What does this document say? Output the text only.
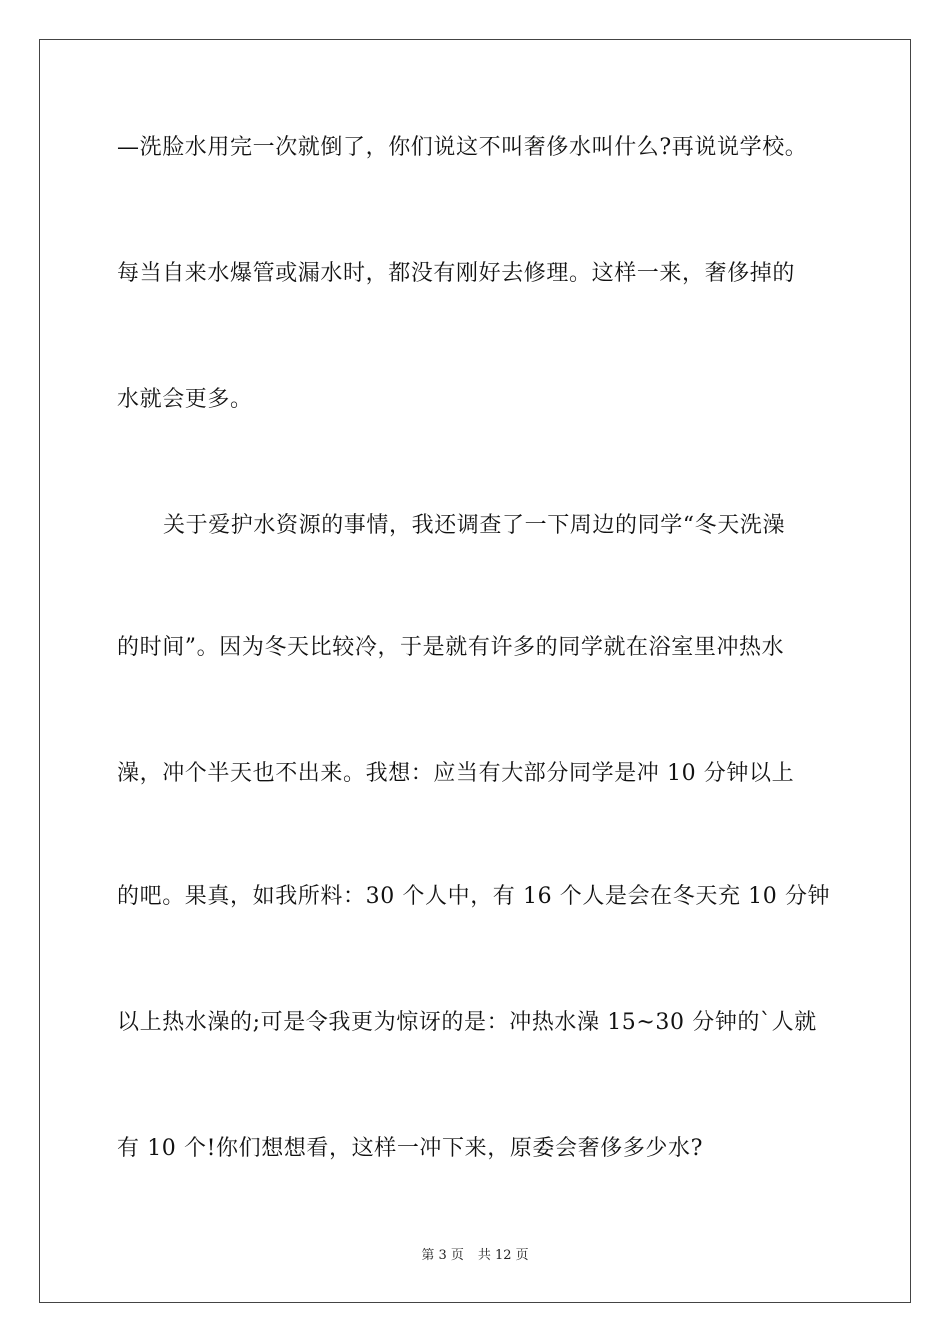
—洗脸水用完一次就倒了，你们说这不叫奢侈水叫什么?再说说学校。
每当自来水爆管或漏水时，都没有刚好去修理。这样一来，奢侈掉的
水就会更多。
关于爱护水资源的事情，我还调查了一下周边的同学“冬天洗澡
的时间”。因为冬天比较冷，于是就有许多的同学就在浴室里冲热水
澡，冲个半天也不出来。我想：应当有大部分同学是冲 10 分钟以上
的吧。果真，如我所料：30 个人中，有 16 个人是会在冬天充 10 分钟
以上热水澡的;可是令我更为惊讶的是：冲热水澡 15~30 分钟的`人就
有 10 个!你们想想看，这样一冲下来，原委会奢侈多少水?
第 3 页 共 12 页
